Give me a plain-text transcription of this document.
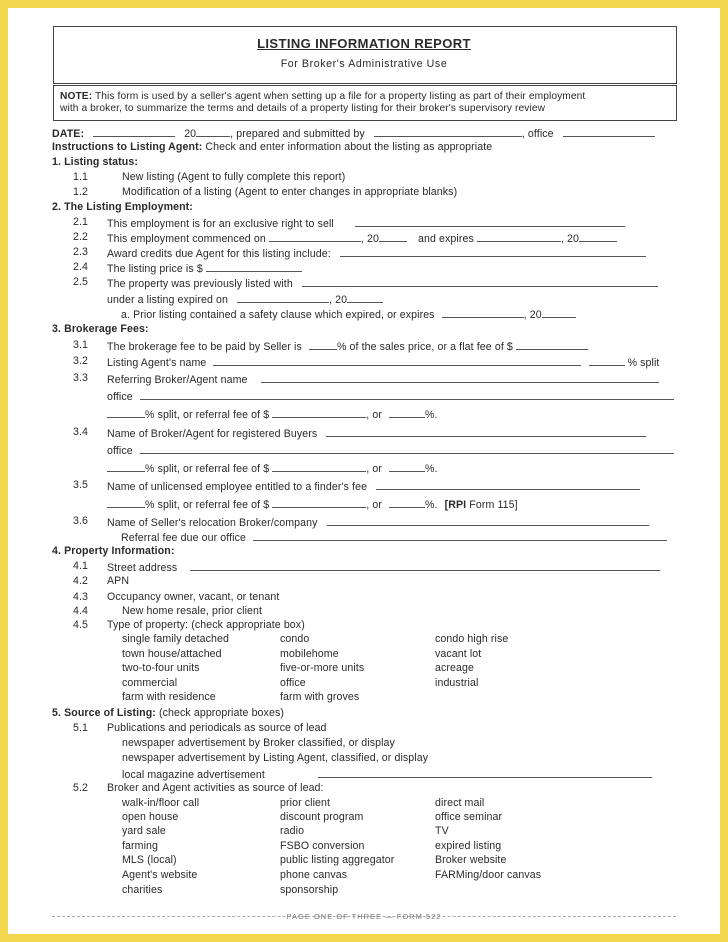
LISTING INFORMATION REPORT
For Broker's Administrative Use
NOTE: This form is used by a seller's agent when setting up a file for a property listing as part of their employment
with a broker, to summarize the terms and details of a property listing for their broker's supervisory review
DATE:	20	, prepared and submitted by	, office
Instructions to Listing Agent: Check and enter information about the listing as appropriate
1. Listing status:
1.1	New listing (Agent to fully complete this report)
1.2	Modification of a listing (Agent to enter changes in appropriate blanks)
2. The Listing Employment:
2.1 This employment is for an exclusive right to sell
2.2 This employment commenced on	, 20	and expires	, 20
2.3 Award credits due Agent for this listing include:
2.4 The listing price is $
2.5 The property was previously listed with
under a listing expired on	, 20
a. Prior listing contained a safety clause which expired, or expires	, 20
3. Brokerage Fees:
3.1 The brokerage fee to be paid by Seller is	% of the sales price, or a flat fee of $
3.2 Listing Agent's name	% split
3.3 Referring Broker/Agent name
office
% split, or referral fee of $	, or	%.
3.4 Name of Broker/Agent for registered Buyers
office
% split, or referral fee of $	, or	%.
3.5 Name of unlicensed employee entitled to a finder's fee
% split, or referral fee of $	, or	%. [RPI Form 115]
3.6 Name of Seller's relocation Broker/company
Referral fee due our office
4. Property Information:
4.1 Street address
4.2 APN
4.3 Occupancy owner, vacant, or tenant
4.4	New home resale, prior client
4.5 Type of property: (check appropriate box)
single family detached	condo	condo high rise
town house/attached	mobilehome	vacant lot
two-to-four units	five-or-more units	acreage
commercial	office	industrial
farm with residence	farm with groves
5. Source of Listing: (check appropriate boxes)
5.1 Publications and periodicals as source of lead
newspaper advertisement by Broker classified, or display
newspaper advertisement by Listing Agent, classified, or display
local magazine advertisement
5.2 Broker and Agent activities as source of lead:
walk-in/floor call	prior client	direct mail
open house	discount program	office seminar
yard sale	radio	TV
farming	FSBO conversion	expired listing
MLS (local)	public listing aggregator	Broker website
Agent's website	phone canvas	FARMing/door canvas
charities	sponsorship
PAGE ONE OF THREE — FORM 522
